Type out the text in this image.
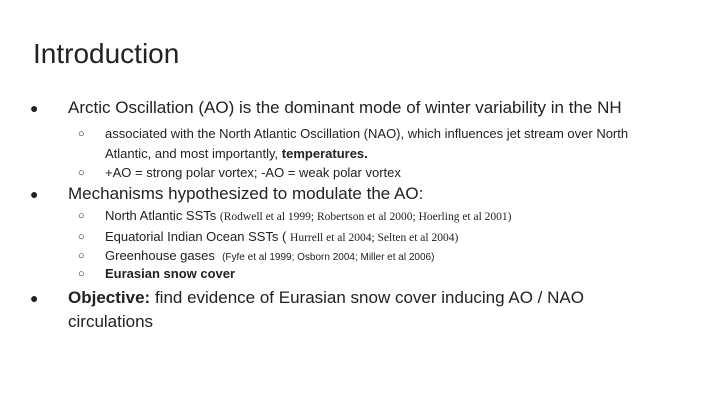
Introduction
● Arctic Oscillation (AO) is the dominant mode of winter variability in the NH
○ associated with the North Atlantic Oscillation (NAO), which influences jet stream over North
Atlantic, and most importantly, temperatures.
○ +AO = strong polar vortex; -AO = weak polar vortex
● Mechanisms hypothesized to modulate the AO:
○ North Atlantic SSTs (Rodwell et al 1999; Robertson et al 2000; Hoerling et al 2001)
○ Equatorial Indian Ocean SSTs ( Hurrell et al 2004; Selten et al 2004)
○ Greenhouse gases (Fyfe et al 1999; Osborn 2004; Miller et al 2006)
○ Eurasian snow cover
● Objective: find evidence of Eurasian snow cover inducing AO / NAO
circulations
